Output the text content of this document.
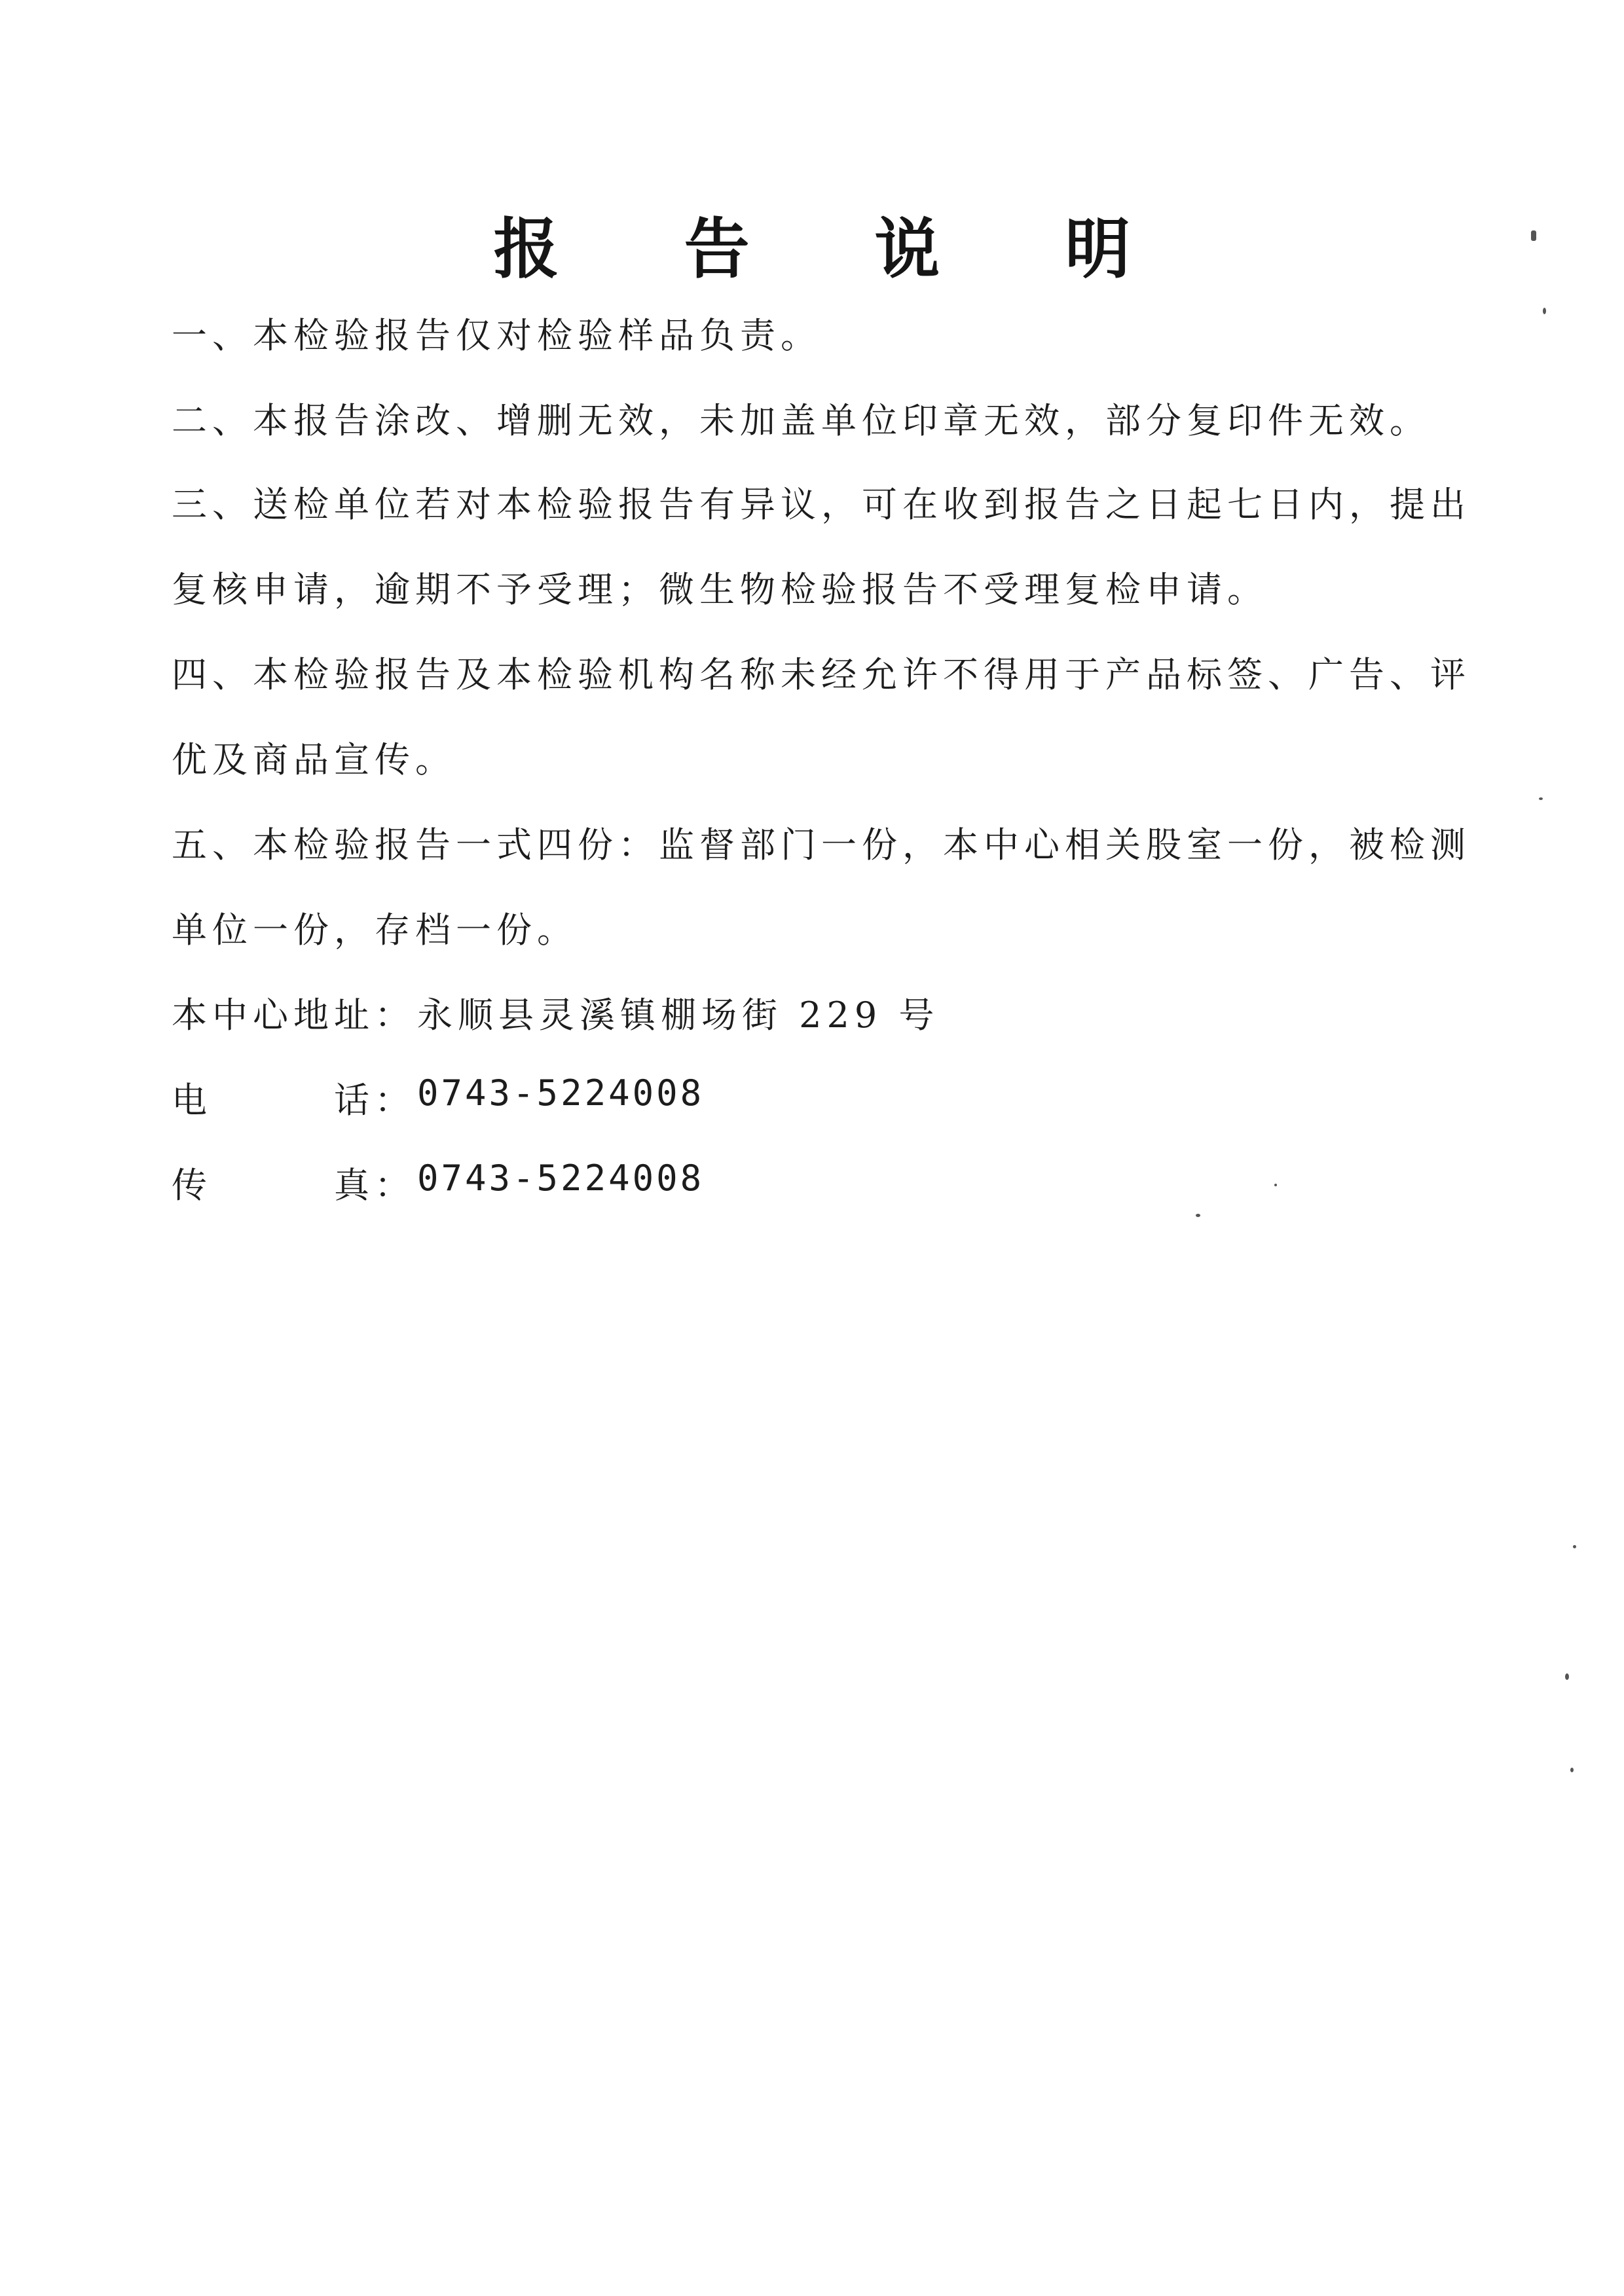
报 告 说 明
一、本检验报告仅对检验样品负责。
二、本报告涂改、增删无效，未加盖单位印章无效，部分复印件无效。
三、送检单位若对本检验报告有异议，可在收到报告之日起七日内，提出
复核申请，逾期不予受理；微生物检验报告不受理复检申请。
四、本检验报告及本检验机构名称未经允许不得用于产品标签、广告、评
优及商品宣传。
五、本检验报告一式四份：监督部门一份，本中心相关股室一份，被检测
单位一份，存档一份。
本中心地址： 永顺县灵溪镇棚场街 229 号
电	话： 0743-5224008
传	真： 0743-5224008
